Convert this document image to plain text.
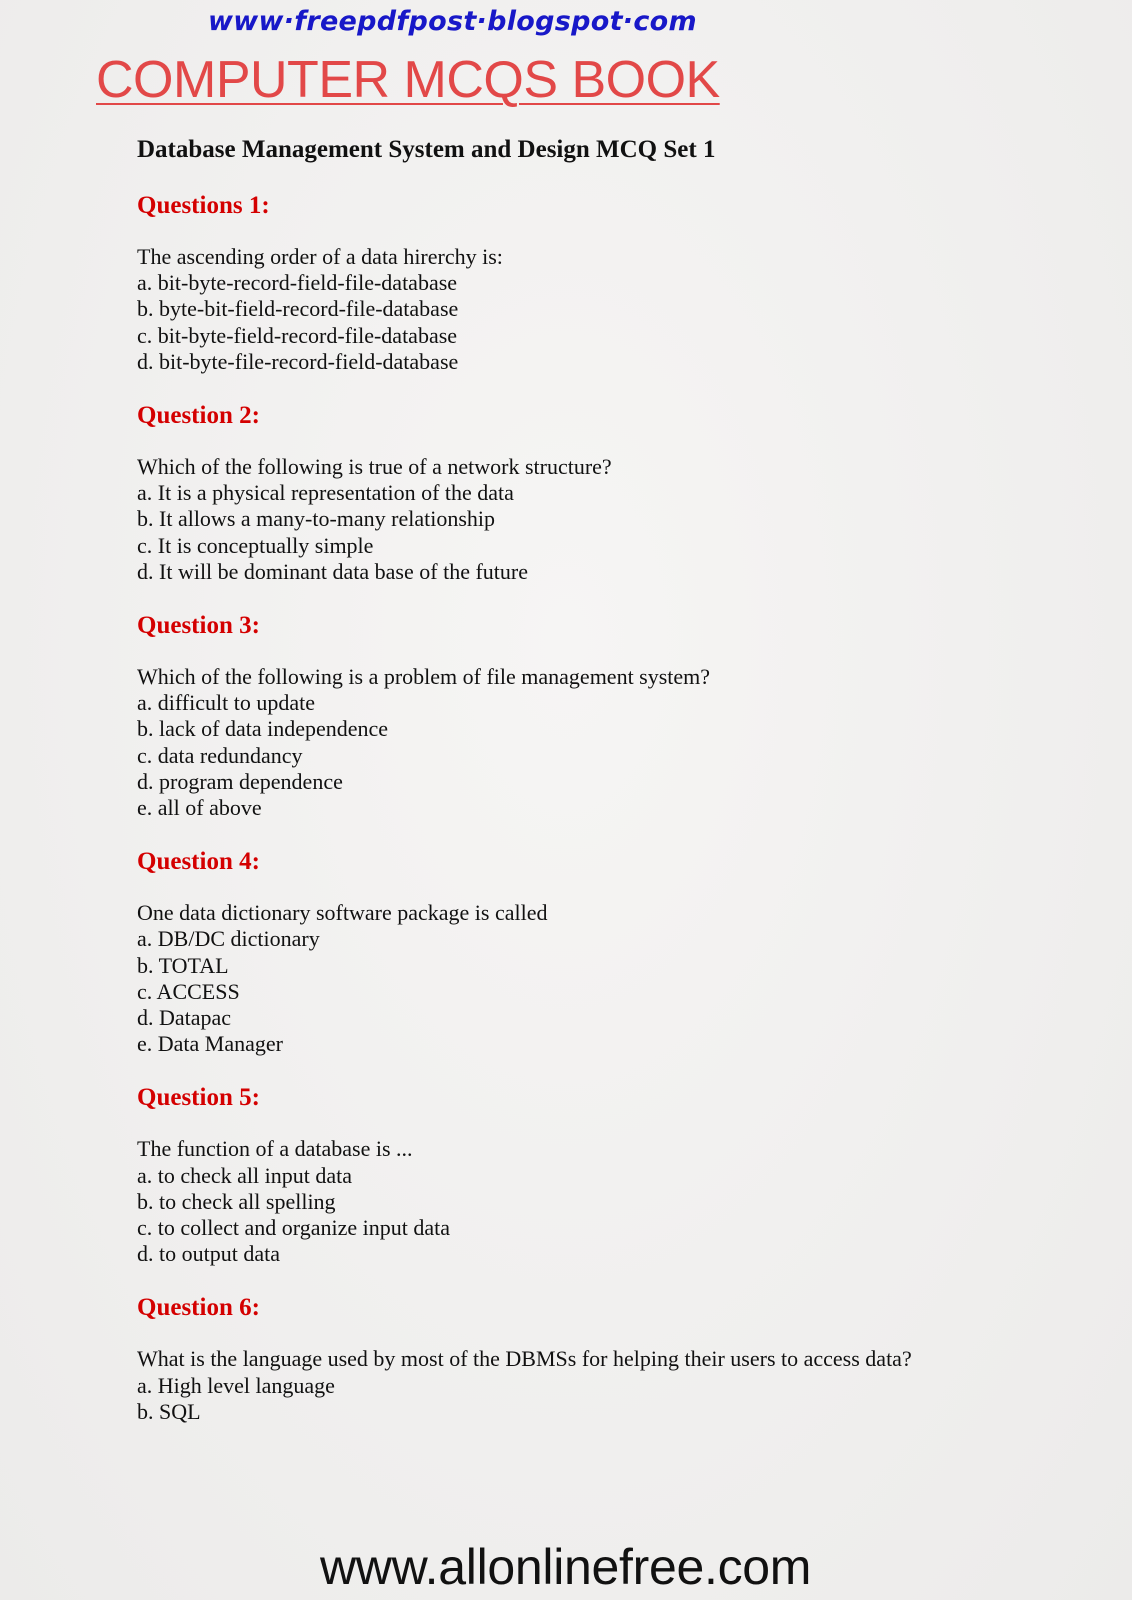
www·freepdfpost·blogspot·com
COMPUTER MCQS BOOK
Database Management System and Design MCQ Set 1
Questions 1:
The ascending order of a data hirerchy is:
a. bit-byte-record-field-file-database
b. byte-bit-field-record-file-database
c. bit-byte-field-record-file-database
d. bit-byte-file-record-field-database
Question 2:
Which of the following is true of a network structure?
a. It is a physical representation of the data
b. It allows a many-to-many relationship
c. It is conceptually simple
d. It will be dominant data base of the future
Question 3:
Which of the following is a problem of file management system?
a. difficult to update
b. lack of data independence
c. data redundancy
d. program dependence
e. all of above
Question 4:
One data dictionary software package is called
a. DB/DC dictionary
b. TOTAL
c. ACCESS
d. Datapac
e. Data Manager
Question 5:
The function of a database is ...
a. to check all input data
b. to check all spelling
c. to collect and organize input data
d. to output data
Question 6:
What is the language used by most of the DBMSs for helping their users to access data?
a. High level language
b. SQL
www.allonlinefree.com
